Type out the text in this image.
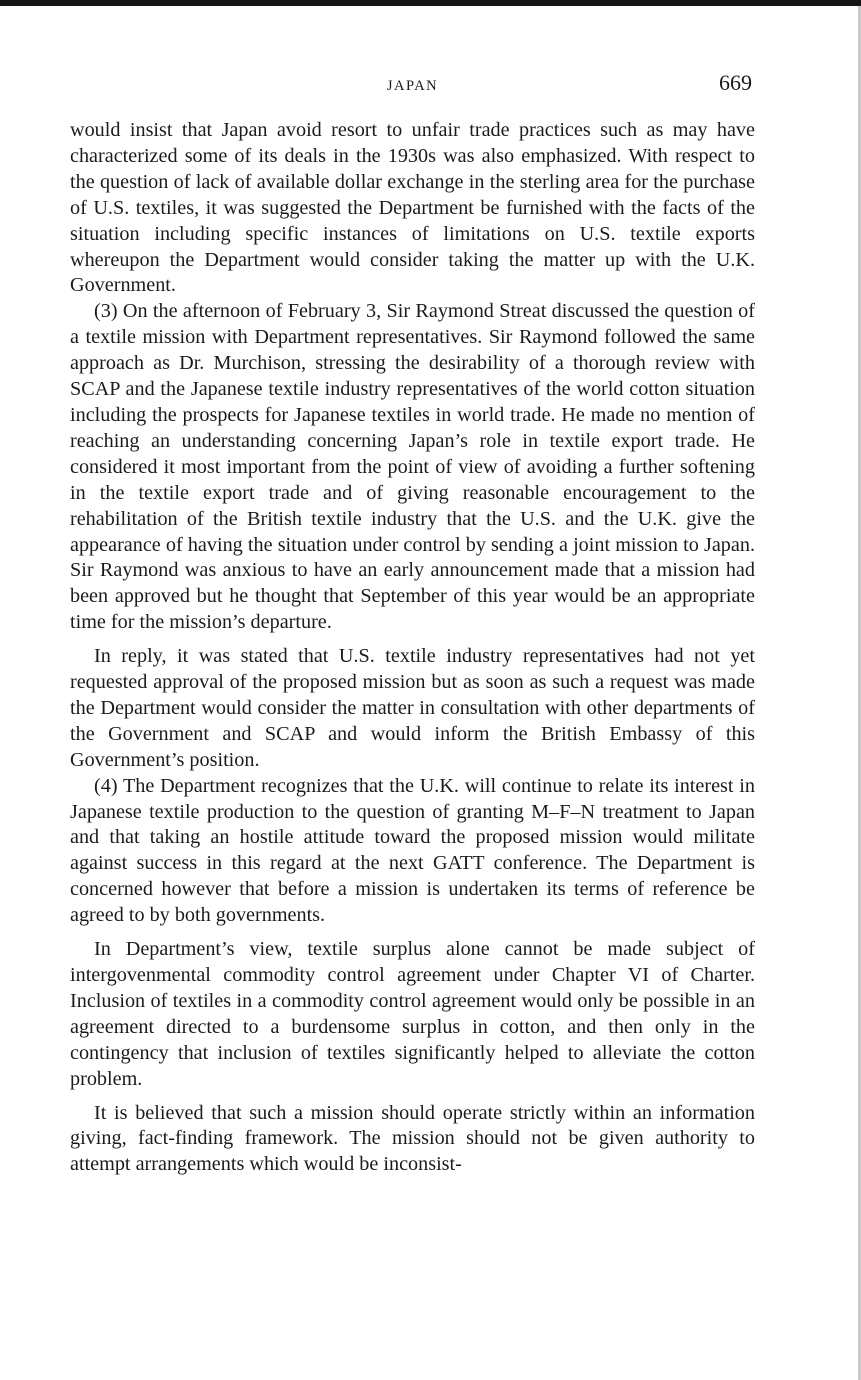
JAPAN	669

would insist that Japan avoid resort to unfair trade practices such as may have characterized some of its deals in the 1930s was also emphasized. With respect to the question of lack of available dollar exchange in the sterling area for the purchase of U.S. textiles, it was suggested the Department be furnished with the facts of the situation including specific instances of limitations on U.S. textile exports whereupon the Department would consider taking the matter up with the U.K. Government.

(3) On the afternoon of February 3, Sir Raymond Streat discussed the question of a textile mission with Department representatives. Sir Raymond followed the same approach as Dr. Murchison, stressing the desirability of a thorough review with SCAP and the Japanese textile industry representatives of the world cotton situation including the prospects for Japanese textiles in world trade. He made no mention of reaching an understanding concerning Japan’s role in textile export trade. He considered it most important from the point of view of avoiding a further softening in the textile export trade and of giving reasonable encouragement to the rehabilitation of the British textile industry that the U.S. and the U.K. give the appearance of having the situation under control by sending a joint mission to Japan. Sir Raymond was anxious to have an early announcement made that a mission had been approved but he thought that September of this year would be an appropriate time for the mission’s departure.

In reply, it was stated that U.S. textile industry representatives had not yet requested approval of the proposed mission but as soon as such a request was made the Department would consider the matter in consultation with other departments of the Government and SCAP and would inform the British Embassy of this Government’s position.

(4) The Department recognizes that the U.K. will continue to relate its interest in Japanese textile production to the question of granting M–F–N treatment to Japan and that taking an hostile attitude toward the proposed mission would militate against success in this regard at the next GATT conference. The Department is concerned however that before a mission is undertaken its terms of reference be agreed to by both governments.

In Department’s view, textile surplus alone cannot be made subject of intergovenmental commodity control agreement under Chapter VI of Charter. Inclusion of textiles in a commodity control agreement would only be possible in an agreement directed to a burdensome surplus in cotton, and then only in the contingency that inclusion of textiles significantly helped to alleviate the cotton problem.

It is believed that such a mission should operate strictly within an information giving, fact-finding framework. The mission should not be given authority to attempt arrangements which would be inconsist-
